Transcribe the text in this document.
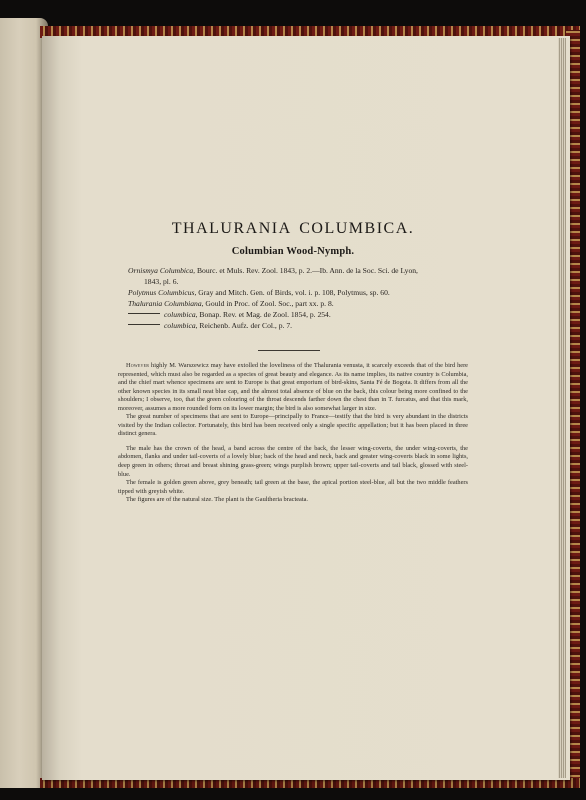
THALURANIA COLUMBICA.
Columbian Wood-Nymph.
Ornismya Columbica, Bourc. et Muls. Rev. Zool. 1843, p. 2.—Ib. Ann. de la Soc. Sci. de Lyon,
1843, pl. 6.
Polytmus Columbicus, Gray and Mitch. Gen. of Birds, vol. i. p. 108, Polytmus, sp. 60.
Thalurania Columbiana, Gould in Proc. of Zool. Soc., part xx. p. 8.
columbica, Bonap. Rev. et Mag. de Zool. 1854, p. 254.
columbica, Reichenb. Aufz. der Col., p. 7.

However highly M. Warszewicz may have extolled the loveliness of the Thalurania venusta, it scarcely exceeds that of the bird here represented, which must also be regarded as a species of great beauty and elegance. As its name implies, its native country is Columbia, and the chief mart whence specimens are sent to Europe is that great emporium of bird-skins, Santa Fé de Bogota. It differs from all the other known species in its small neat blue cap, and the almost total absence of blue on the back, this colour being more confined to the shoulders; I observe, too, that the green colouring of the throat descends farther down the chest than in T. furcatus, and that this mark, moreover, assumes a more rounded form on its lower margin; the bird is also somewhat larger in size.

The great number of specimens that are sent to Europe—principally to France—testify that the bird is very abundant in the districts visited by the Indian collector. Fortunately, this bird has been received only a single specific appellation; but it has been placed in three distinct genera.

The male has the crown of the head, a band across the centre of the back, the lesser wing-coverts, the under wing-coverts, the abdomen, flanks and under tail-coverts of a lovely blue; back of the head and neck, back and greater wing-coverts black in some lights, deep green in others; throat and breast shining grass-green; wings purplish brown; upper tail-coverts and tail black, glossed with steel-blue.

The female is golden green above, grey beneath; tail green at the base, the apical portion steel-blue, all but the two middle feathers tipped with greyish white.

The figures are of the natural size. The plant is the Gaultheria bracteata.
